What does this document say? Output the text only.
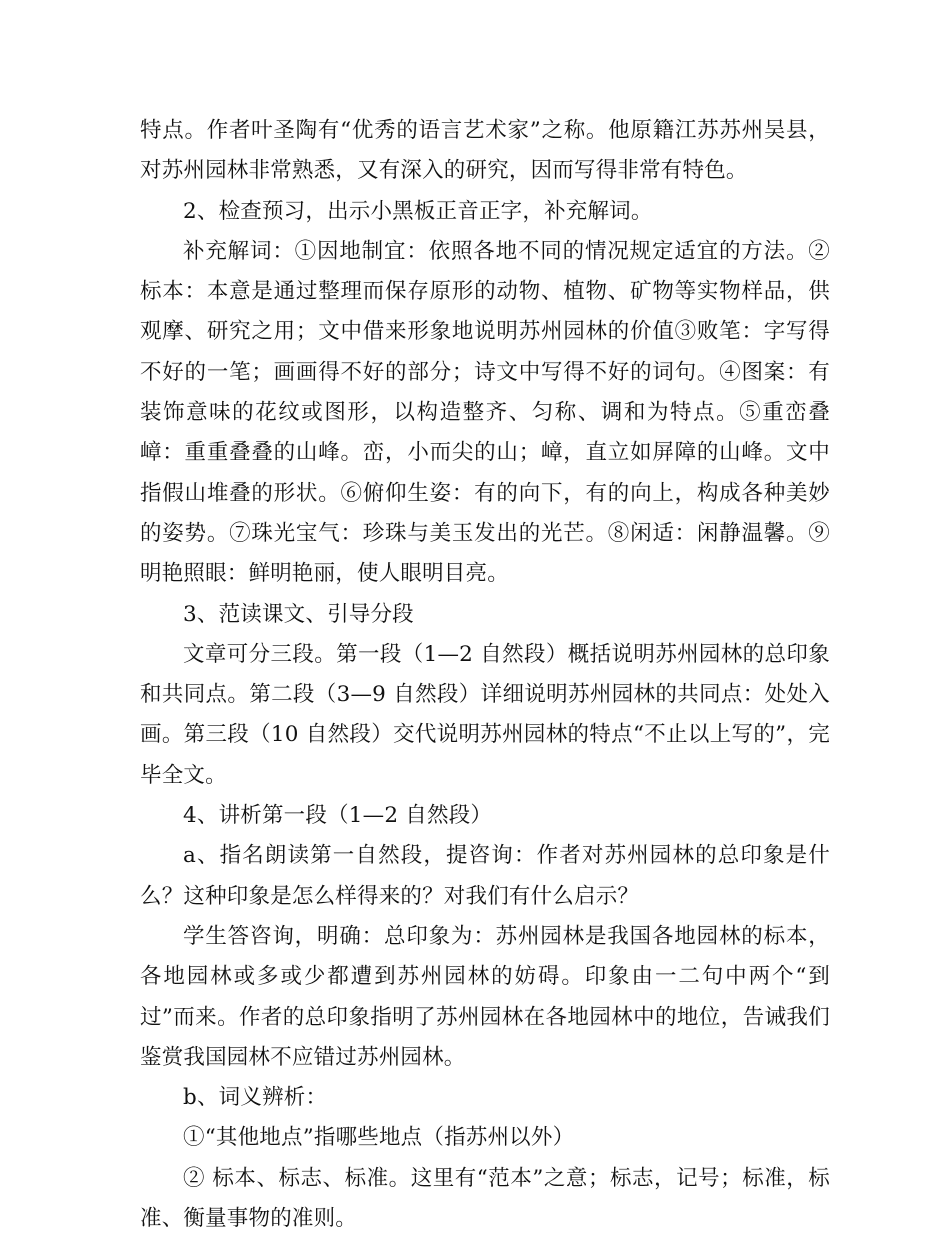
特点。作者叶圣陶有“优秀的语言艺术家”之称。他原籍江苏苏州吴县，对苏州园林非常熟悉，又有深入的研究，因而写得非常有特色。

2、检查预习，出示小黑板正音正字，补充解词。

补充解词：①因地制宜：依照各地不同的情况规定适宜的方法。②标本：本意是通过整理而保存原形的动物、植物、矿物等实物样品，供观摩、研究之用；文中借来形象地说明苏州园林的价值③败笔：字写得不好的一笔；画画得不好的部分；诗文中写得不好的词句。④图案：有装饰意味的花纹或图形，以构造整齐、匀称、调和为特点。⑤重峦叠嶂：重重叠叠的山峰。峦，小而尖的山；嶂，直立如屏障的山峰。文中指假山堆叠的形状。⑥俯仰生姿：有的向下，有的向上，构成各种美妙的姿势。⑦珠光宝气：珍珠与美玉发出的光芒。⑧闲适：闲静温馨。⑨明艳照眼：鲜明艳丽，使人眼明目亮。

3、范读课文、引导分段

文章可分三段。第一段（1—2 自然段）概括说明苏州园林的总印象和共同点。第二段（3—9 自然段）详细说明苏州园林的共同点：处处入画。第三段（10 自然段）交代说明苏州园林的特点“不止以上写的”，完毕全文。

4、讲析第一段（1—2 自然段）

a、指名朗读第一自然段，提咨询：作者对苏州园林的总印象是什么？这种印象是怎么样得来的？对我们有什么启示？

学生答咨询，明确：总印象为：苏州园林是我国各地园林的标本，各地园林或多或少都遭到苏州园林的妨碍。印象由一二句中两个“到过”而来。作者的总印象指明了苏州园林在各地园林中的地位，告诫我们鉴赏我国园林不应错过苏州园林。

b、词义辨析：

①“其他地点”指哪些地点（指苏州以外）

② 标本、标志、标准。这里有“范本”之意；标志，记号；标准，标准、衡量事物的准则。
